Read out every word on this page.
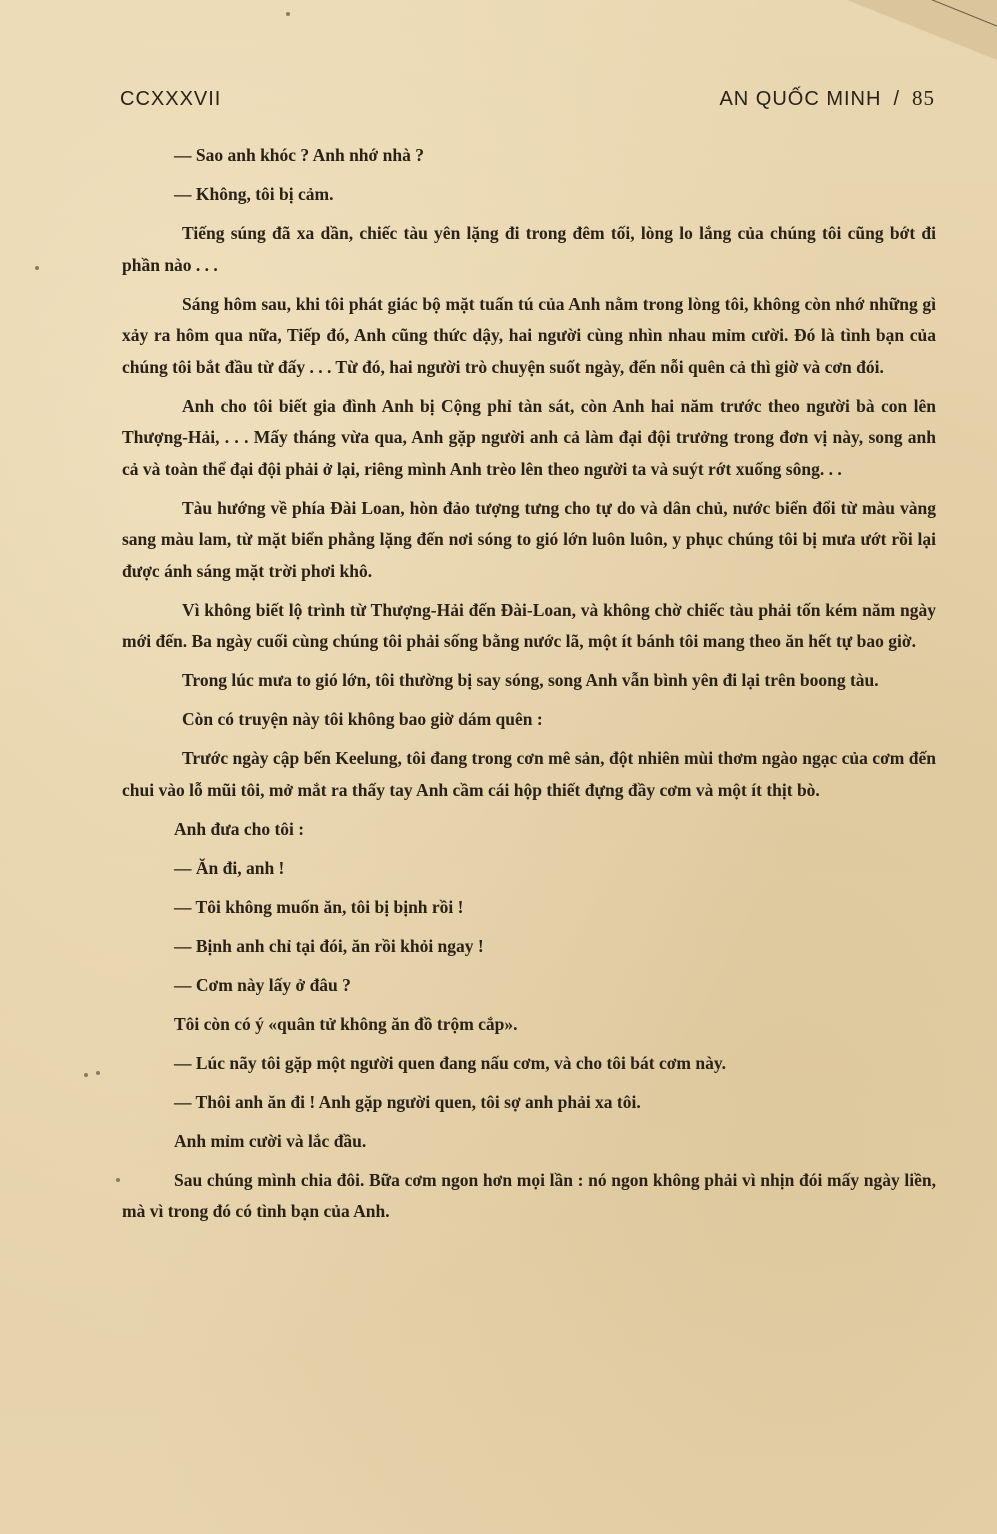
CCXXXVII	AN QUỐC MINH / 85

— Sao anh khóc ? Anh nhớ nhà ?

— Không, tôi bị cảm.

Tiếng súng đã xa dần, chiếc tàu yên lặng đi trong đêm tối, lòng lo lắng của chúng tôi cũng bớt đi phần nào . . .

Sáng hôm sau, khi tôi phát giác bộ mặt tuấn tú của Anh nằm trong lòng tôi, không còn nhớ những gì xảy ra hôm qua nữa, Tiếp đó, Anh cũng thức dậy, hai người cùng nhìn nhau mỉm cười. Đó là tình bạn của chúng tôi bắt đầu từ đấy . . . Từ đó, hai người trò chuyện suốt ngày, đến nỗi quên cả thì giờ và cơn đói.

Anh cho tôi biết gia đình Anh bị Cộng phỉ tàn sát, còn Anh hai năm trước theo người bà con lên Thượng-Hải, . . . Mấy tháng vừa qua, Anh gặp người anh cả làm đại đội trưởng trong đơn vị này, song anh cả và toàn thể đại đội phải ở lại, riêng mình Anh trèo lên theo người ta và suýt rớt xuống sông. . .

Tàu hướng về phía Đài Loan, hòn đảo tượng tưng cho tự do và dân chủ, nước biển đổi từ màu vàng sang màu lam, từ mặt biển phẳng lặng đến nơi sóng to gió lớn luôn luôn, y phục chúng tôi bị mưa ướt rồi lại được ánh sáng mặt trời phơi khô.

Vì không biết lộ trình từ Thượng-Hải đến Đài-Loan, và không chờ chiếc tàu phải tốn kém năm ngày mới đến. Ba ngày cuối cùng chúng tôi phải sống bằng nước lã, một ít bánh tôi mang theo ăn hết tự bao giờ.

Trong lúc mưa to gió lớn, tôi thường bị say sóng, song Anh vẫn bình yên đi lại trên boong tàu.

Còn có truyện này tôi không bao giờ dám quên :

Trước ngày cập bến Keelung, tôi đang trong cơn mê sản, đột nhiên mùi thơm ngào ngạc của cơm đến chui vào lỗ mũi tôi, mở mắt ra thấy tay Anh cầm cái hộp thiết đựng đầy cơm và một ít thịt bò.

Anh đưa cho tôi :

— Ăn đi, anh !

— Tôi không muốn ăn, tôi bị bịnh rồi !

— Bịnh anh chỉ tại đói, ăn rồi khỏi ngay !

— Cơm này lấy ở đâu ?

Tôi còn có ý «quân tử không ăn đồ trộm cắp».

— Lúc nãy tôi gặp một người quen đang nấu cơm, và cho tôi bát cơm này.

— Thôi anh ăn đi ! Anh gặp người quen, tôi sợ anh phải xa tôi.

Anh mỉm cười và lắc đầu.

Sau chúng mình chia đôi. Bữa cơm ngon hơn mọi lần : nó ngon không phải vì nhịn đói mấy ngày liền, mà vì trong đó có tình bạn của Anh.
